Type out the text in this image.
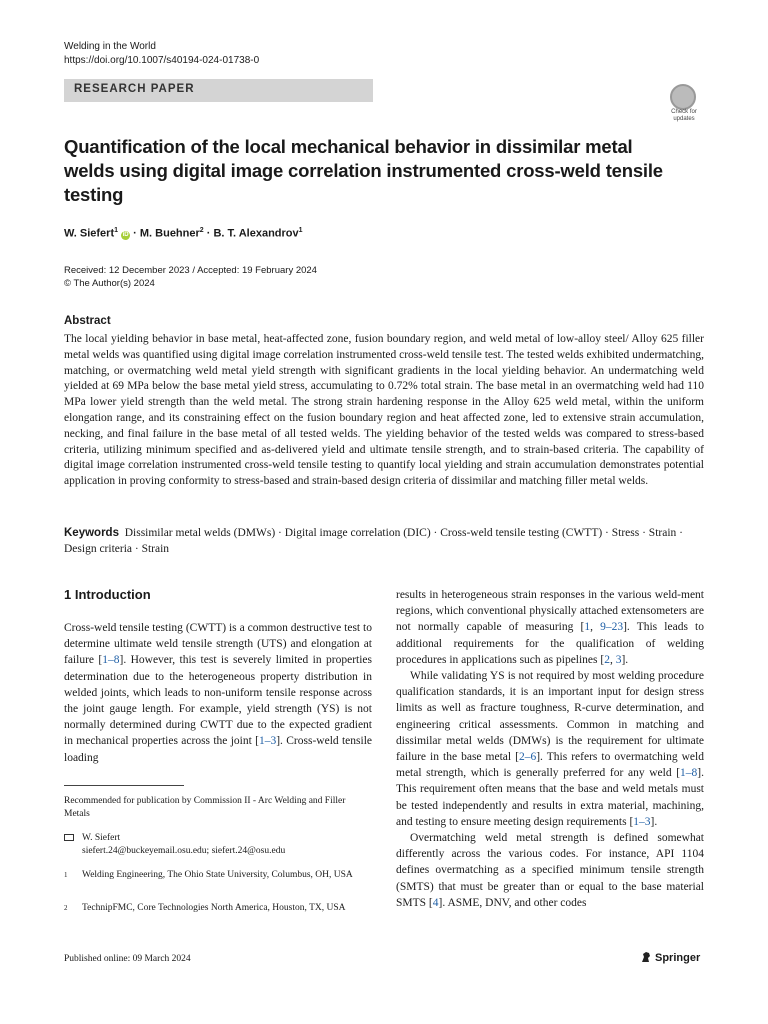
Welding in the World
https://doi.org/10.1007/s40194-024-01738-0
RESEARCH PAPER
Check for
updates
Quantification of the local mechanical behavior in dissimilar metal welds using digital image correlation instrumented cross-weld tensile testing
W. Siefert$^1$ iD · M. Buehner$^2$ · B. T. Alexandrov$^1$
Received: 12 December 2023 / Accepted: 19 February 2024
© The Author(s) 2024
Abstract
The local yielding behavior in base metal, heat-affected zone, fusion boundary region, and weld metal of low-alloy steel/ Alloy 625 filler metal welds was quantified using digital image correlation instrumented cross-weld tensile test. The tested welds exhibited undermatching, matching, or overmatching weld metal yield strength with significant gradients in the local yielding behavior. An undermatching weld yielded at 69 MPa below the base metal yield stress, accumulating to 0.72% total strain. The base metal in an overmatching weld had 110 MPa lower yield strength than the weld metal. The strong strain hardening response in the Alloy 625 weld metal, within the uniform elongation range, and its constraining effect on the fusion boundary region and heat affected zone, led to extensive strain accumulation, necking, and final failure in the base metal of all tested welds. The yielding behavior of the tested welds was compared to stress-based criteria, utilizing minimum specified and as-delivered yield and ultimate tensile strength, and to strain-based criteria. The capability of digital image correlation instrumented cross-weld tensile testing to quantify local yielding and strain accumulation demonstrates potential application in proving conformity to stress-based and strain-based design criteria of dissimilar and matching filler metal welds.
Keywords Dissimilar metal welds (DMWs) · Digital image correlation (DIC) · Cross-weld tensile testing (CWTT) · Stress · Strain · Design criteria · Strain
1 Introduction
Cross-weld tensile testing (CWTT) is a common destructive test to determine ultimate weld tensile strength (UTS) and elongation at failure [1–8]. However, this test is severely limited in properties determination due to the heterogeneous property distribution in welded joints, which leads to non-uniform tensile response across the joint gauge length. For example, yield strength (YS) is not normally determined during CWTT due to the expected gradient in mechanical properties across the joint [1–3]. Cross-weld tensile loading

results in heterogeneous strain responses in the various weld-ment regions, which conventional physically attached extensometers are not normally capable of measuring [1, 9–23]. This leads to additional requirements for the qualification of welding procedures in applications such as pipelines [2, 3].

While validating YS is not required by most welding procedure qualification standards, it is an important input for design stress limits as well as fracture toughness, R-curve determination, and engineering critical assessments. Common in matching and dissimilar metal welds (DMWs) is the requirement for ultimate failure in the base metal [2–6]. This refers to overmatching weld metal strength, which is generally preferred for any weld [1–8]. This requirement often means that the base and weld metals must be tested independently and results in extra material, machining, and testing to ensure meeting design requirements [1–3].

Overmatching weld metal strength is defined somewhat differently across the various codes. For instance, API 1104 defines overmatching as a specified minimum tensile strength (SMTS) that must be greater than or equal to the base material SMTS [4]. ASME, DNV, and other codes

Recommended for publication by Commission II - Arc Welding and Filler Metals
W. Siefert
siefert.24@buckeyemail.osu.edu; siefert.24@osu.edu
1 Welding Engineering, The Ohio State University, Columbus, OH, USA
2 TechnipFMC, Core Technologies North America, Houston, TX, USA
Published online: 09 March 2024	Springer
